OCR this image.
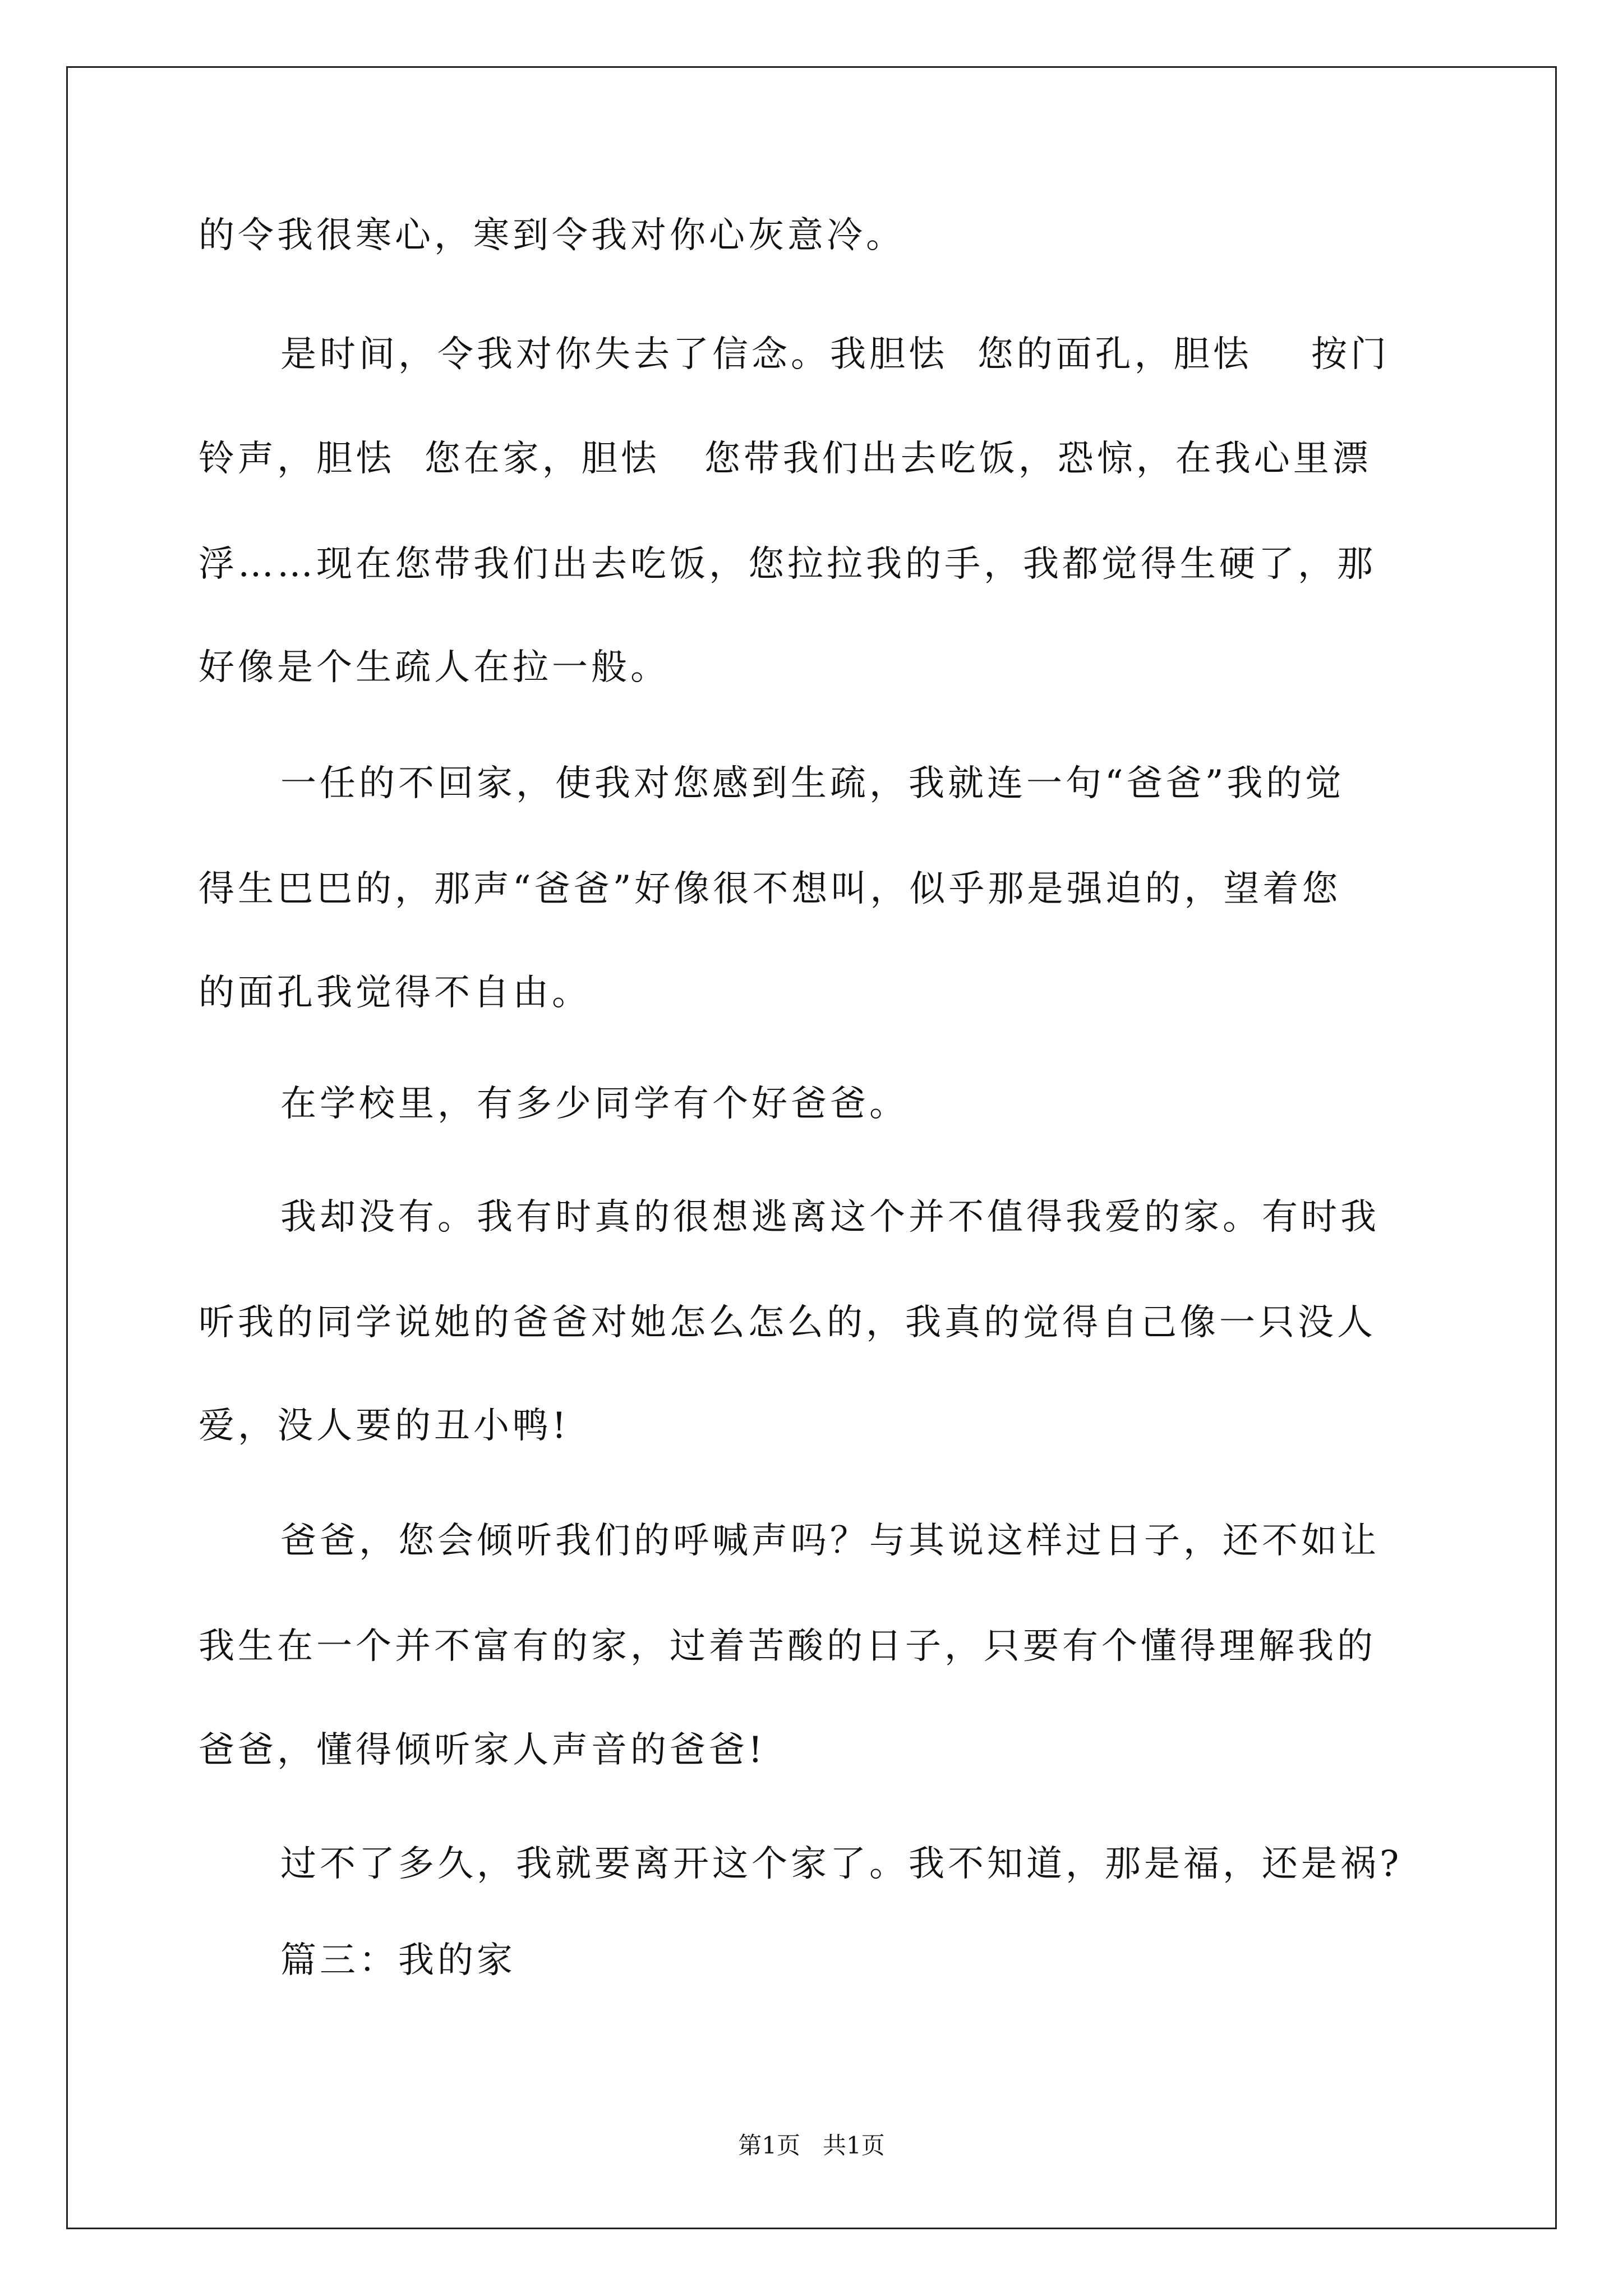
的令我很寒心，寒到令我对你心灰意冷。
是时间，令我对你失去了信念。我胆怯  您的面孔，胆怯    按门
铃声，胆怯  您在家，胆怯   您带我们出去吃饭，恐惊，在我心里漂
浮……现在您带我们出去吃饭，您拉拉我的手，我都觉得生硬了，那
好像是个生疏人在拉一般。
一任的不回家，使我对您感到生疏，我就连一句“爸爸”我的觉
得生巴巴的，那声“爸爸”好像很不想叫，似乎那是强迫的，望着您
的面孔我觉得不自由。
在学校里，有多少同学有个好爸爸。
我却没有。我有时真的很想逃离这个并不值得我爱的家。有时我
听我的同学说她的爸爸对她怎么怎么的，我真的觉得自己像一只没人
爱，没人要的丑小鸭!
爸爸，您会倾听我们的呼喊声吗？与其说这样过日子，还不如让
我生在一个并不富有的家，过着苦酸的日子，只要有个懂得理解我的
爸爸，懂得倾听家人声音的爸爸!
过不了多久，我就要离开这个家了。我不知道，那是福，还是祸?
篇三：我的家
第1页   共1页
